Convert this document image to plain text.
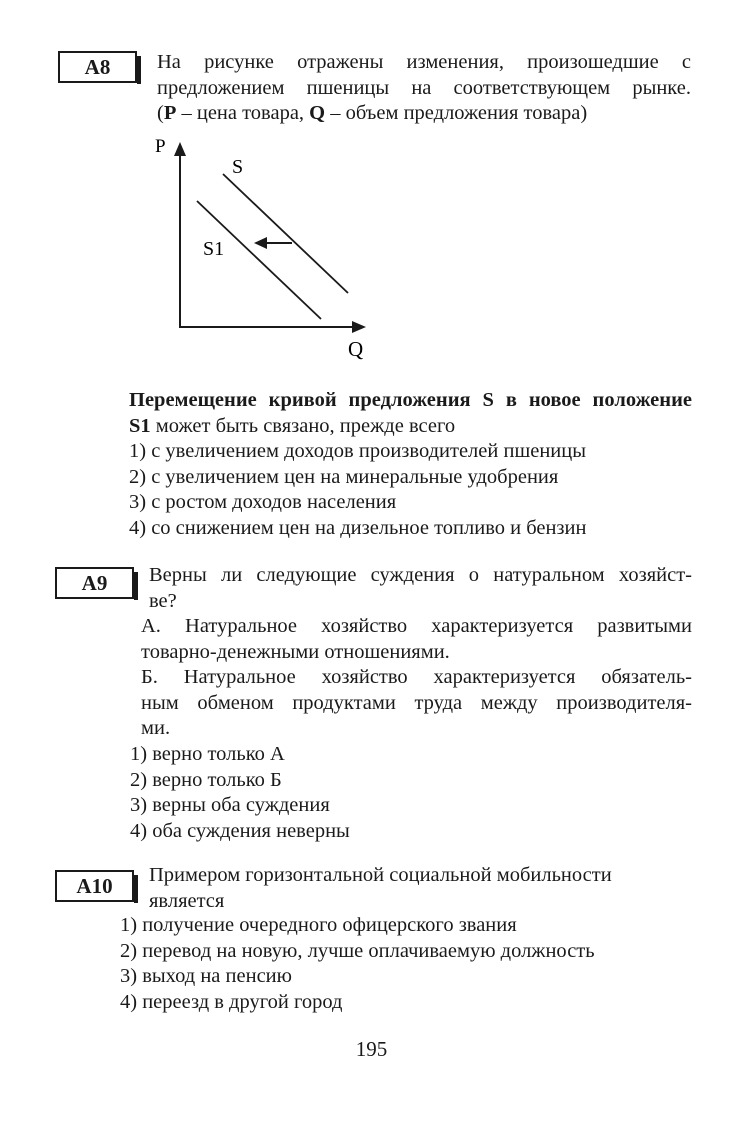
A8	На рисунке отражены изменения, произошедшие с
предложением пшеницы на соответствующем рынке.
(P – цена товара, Q – объем предложения товара)
P
Q
S
S1
Перемещение кривой предложения S в новое положение
S1 может быть связано, прежде всего
1) с увеличением доходов производителей пшеницы
2) с увеличением цен на минеральные удобрения
3) с ростом доходов населения
4) со снижением цен на дизельное топливо и бензин
A9	Верны ли следующие суждения о натуральном хозяйст-
ве?
А. Натуральное хозяйство характеризуется развитыми
товарно-денежными отношениями.
Б. Натуральное хозяйство характеризуется обязатель-
ным обменом продуктами труда между производителя-
ми.
1) верно только А
2) верно только Б
3) верны оба суждения
4) оба суждения неверны
A10	Примером горизонтальной социальной мобильности
является
1) получение очередного офицерского звания
2) перевод на новую, лучше оплачиваемую должность
3) выход на пенсию
4) переезд в другой город
195
